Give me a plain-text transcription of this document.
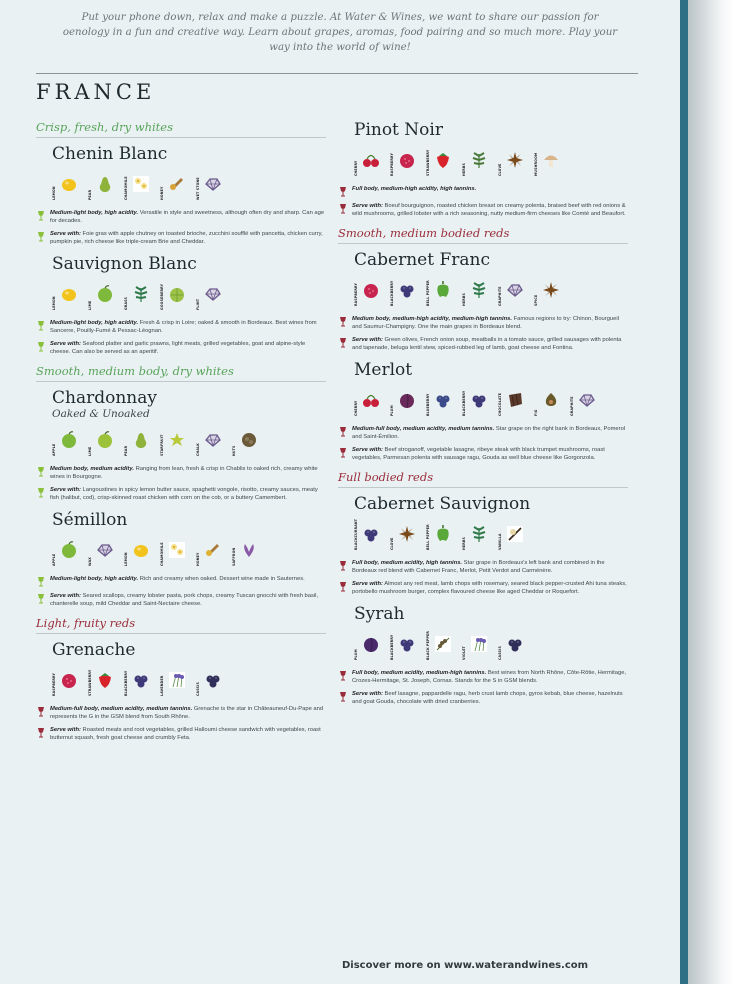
Put your phone down, relax and make a puzzle. At Water & Wines, we want to share our passion for oenology in a fun and creative way. Learn about grapes, aromas, food pairing and so much more. Play your way into the world of wine!
FRANCE
Crisp, fresh, dry whites
Chenin Blanc
LEMON	PEAR	CHAMOMILE	HONEY	WET STONE
Medium-light body, high acidity. Versatile in style and sweetness, although often dry and sharp. Can age for decades.
Serve with: Foie gras with apple chutney on toasted brioche, zucchini soufflé with pancetta, chicken curry, pumpkin pie, rich cheese like triple-cream Brie and Cheddar.
Sauvignon Blanc
LEMON	LIME	GRASS	GOOSEBERRY	FLINT
Medium-light body, high acidity. Fresh & crisp in Loire; oaked & smooth in Bordeaux. Best wines from Sancerre, Pouilly-Fumé & Pessac-Léognan.
Serve with: Seafood platter and garlic prawns, light meats, grilled vegetables, goat and alpine-style cheese. Can also be served as an aperitif.
Smooth, medium body, dry whites
Chardonnay
Oaked & Unoaked
APPLE	LIME	PEAR	STARFRUIT	CHALK	NUTS
Medium body, medium acidity. Ranging from lean, fresh & crisp in Chablis to oaked rich, creamy white wines in Bourgogne.
Serve with: Langoustines in spicy lemon butter sauce, spaghetti vongole, risotto, creamy sauces, meaty fish (halibut, cod), crisp-skinned roast chicken with corn on the cob, or a buttery Camembert.
Sémillon
APPLE	WAX	LEMON	CHAMOMILE	HONEY	SAFFRON
Medium-light body, high acidity. Rich and creamy when oaked. Dessert wine made in Sauternes.
Serve with: Seared scallops, creamy lobster pasta, pork chops, creamy Tuscan gnocchi with fresh basil, chanterelle soup, mild Cheddar and Saint-Nectaire cheese.
Light, fruity reds
Grenache
RASPBERRY	STRAWBERRY	BLACKBERRY	LAVENDER	CASSIS
Medium-full body, medium acidity, medium tannins. Grenache is the star in Châteauneuf-Du-Pape and represents the G in the GSM blend from South Rhône.
Serve with: Roasted meats and root vegetables, grilled Halloumi cheese sandwich with vegetables, roast butternut squash, fresh goat cheese and crumbly Feta.
Pinot Noir
CHERRY	RASPBERRY	STRAWBERRY	HERBS	CLOVE	MUSHROOM
Full body, medium-high acidity, high tannins.
Serve with: Boeuf bourguignon, roasted chicken breast on creamy polenta, braised beef with red onions & wild mushrooms, grilled lobster with a rich seasoning, nutty medium-firm cheeses like Comté and Beaufort.
Smooth, medium bodied reds
Cabernet Franc
RASPBERRY	BLACKBERRY	BELL PEPPER	HERBS	GRAPHITE	SPICE
Medium body, medium-high acidity, medium-high tannins. Famous regions to try: Chinon, Bourgueil and Saumur-Champigny. One the main grapes in Bordeaux blend.
Serve with: Green olives, French onion soup, meatballs in a tomato sauce, grilled sausages with polenta and tapenade, beluga lentil stew, spiced-rubbed leg of lamb, goat cheese and Fontina.
Merlot
CHERRY	PLUM	BLUEBERRY	BLACKBERRY	CHOCOLATE	FIG	GRAPHITE
Medium-full body, medium acidity, medium tannins. Star grape on the right bank in Bordeaux, Pomerol and Saint-Émilion.
Serve with: Beef stroganoff, vegetable lasagne, ribeye steak with black trumpet mushrooms, roast vegetables, Parmesan polenta with sausage ragu, Gouda as well blue cheese like Gorgonzola.
Full bodied reds
Cabernet Sauvignon
BLACKCURRANT	CLOVE	BELL PEPPER	HERBS	VANILLA
Full body, medium acidity, high tannins. Star grape in Bordeaux's left bank and combined in the Bordeaux red blend with Cabernet Franc, Merlot, Petit Verdot and Carménère.
Serve with: Almost any red meat, lamb chops with rosemary, seared black pepper-crusted Ahi tuna steaks, portobello mushroom burger, complex flavoured cheese like aged Cheddar or Roquefort.
Syrah
PLUM	BLACKBERRY	BLACK PEPPER	VIOLET	CASSIS
Full body, medium acidity, medium-high tannins. Best wines from North Rhône, Côte-Rôtie, Hermitage, Crozes-Hermitage, St. Joseph, Cornas. Stands for the S in GSM blends.
Serve with: Beef lasagne, pappardelle ragu, herb crust lamb chops, gyros kebab, blue cheese, hazelnuts and goat Gouda, chocolate with dried cranberries.
Discover more on www.waterandwines.com
